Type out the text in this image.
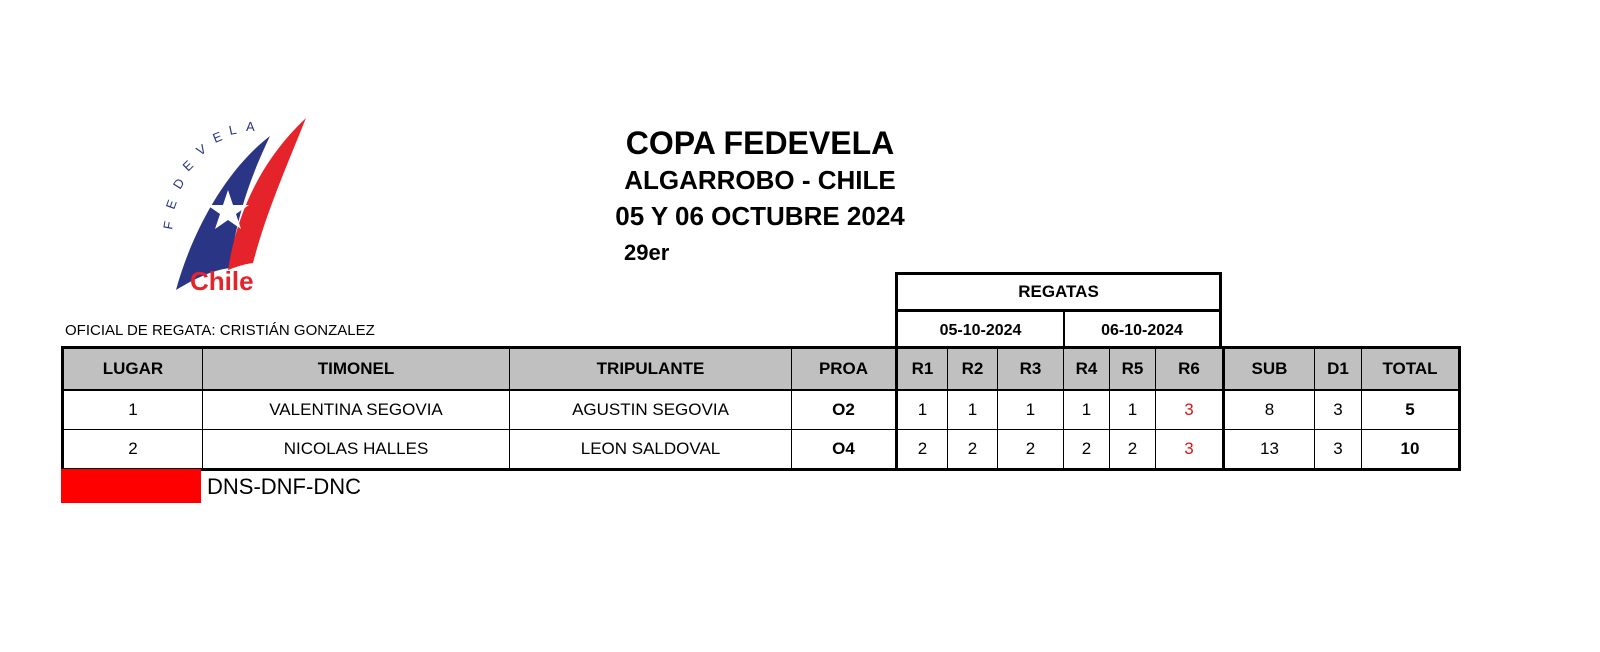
F
E
D
E
V
E L A
Chile
COPA FEDEVELA
ALGARROBO - CHILE
05 Y 06 OCTUBRE 2024
29er
OFICIAL DE REGATA: CRISTIÁN GONZALEZ
REGATAS
05-10-2024	06-10-2024
LUGAR	TIMONEL	TRIPULANTE	PROA	R1	R2	R3	R4	R5	R6	SUB	D1	TOTAL
1	VALENTINA SEGOVIA	AGUSTIN SEGOVIA	O2	1	1	1	1	1	3	8	3	5
2	NICOLAS HALLES	LEON SALDOVAL	O4	2	2	2	2	2	3	13	3	10
DNS-DNF-DNC
